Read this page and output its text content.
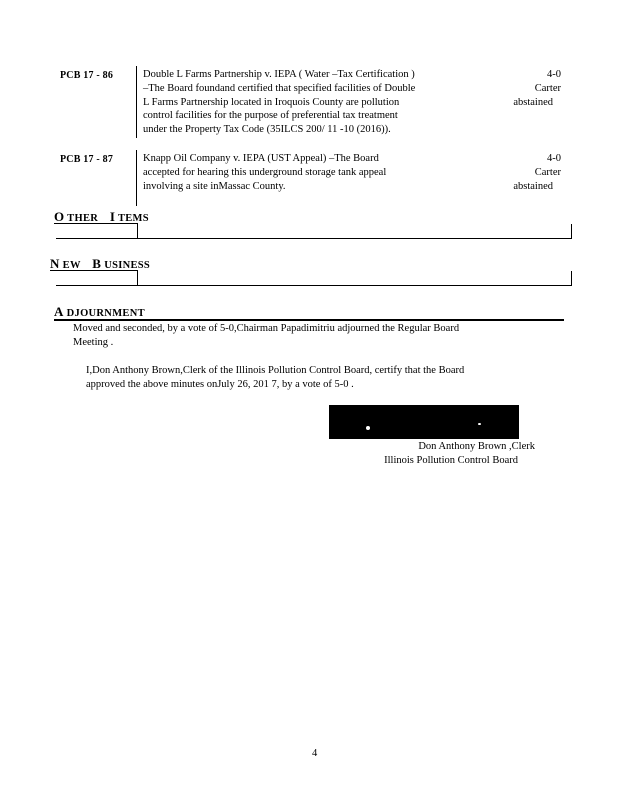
PCB 17 - 86	Double L Farms Partnership v. IEPA ( Water –Tax Certification )
–The Board foundand certified that specified facilities of Double
L Farms Partnership located in Iroquois County are pollution
control facilities for the purpose of preferential tax treatment
under the Property Tax Code (35ILCS 200/ 11 -10 (2016)).
4-0
Carter
abstained
PCB 17 - 87	Knapp Oil Company v. IEPA (UST Appeal) –The Board
accepted for hearing this underground storage tank appeal
involving a site inMassac County.
4-0
Carter
abstained
O THER I TEMS
N EW B USINESS
A DJOURNMENT
Moved and seconded, by a vote of 5-0,Chairman Papadimitriu adjourned the Regular Board
Meeting .
I,Don Anthony Brown,Clerk of the Illinois Pollution Control Board, certify that the Board
approved the above minutes onJuly 26, 201 7, by a vote of 5-0 .
Don Anthony Brown ,Clerk
Illinois Pollution Control Board
4
